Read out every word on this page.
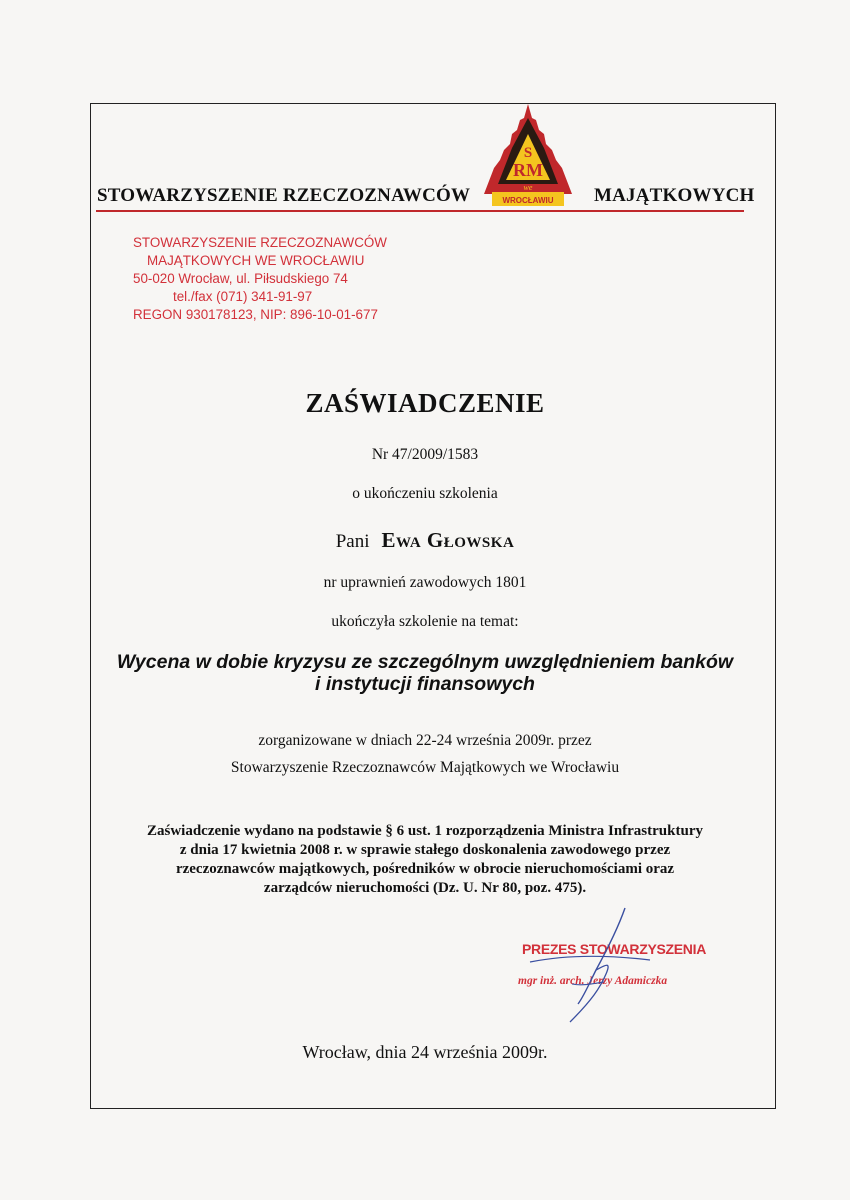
STOWARZYSZENIE RZECZOZNAWCÓW	MAJĄTKOWYCH
S
RM
we
WROCŁAWIU
STOWARZYSZENIE RZECZOZNAWCÓW
MAJĄTKOWYCH WE WROCŁAWIU
50-020 Wrocław, ul. Piłsudskiego 74
tel./fax (071) 341-91-97
REGON 930178123, NIP: 896-10-01-677
ZAŚWIADCZENIE
Nr 47/2009/1583
o ukończeniu szkolenia
Pani Ewa Głowska
nr uprawnień zawodowych 1801
ukończyła szkolenie na temat:
Wycena w dobie kryzysu ze szczególnym uwzględnieniem banków
i instytucji finansowych
zorganizowane w dniach 22-24 września 2009r. przez
Stowarzyszenie Rzeczoznawców Majątkowych we Wrocławiu
Zaświadczenie wydano na podstawie § 6 ust. 1 rozporządzenia Ministra Infrastruktury
z dnia 17 kwietnia 2008 r. w sprawie stałego doskonalenia zawodowego przez
rzeczoznawców majątkowych, pośredników w obrocie nieruchomościami oraz
zarządców nieruchomości (Dz. U. Nr 80, poz. 475).
PREZES STOWARZYSZENIA
mgr inż. arch. Jerzy Adamiczka
Wrocław, dnia 24 września 2009r.
